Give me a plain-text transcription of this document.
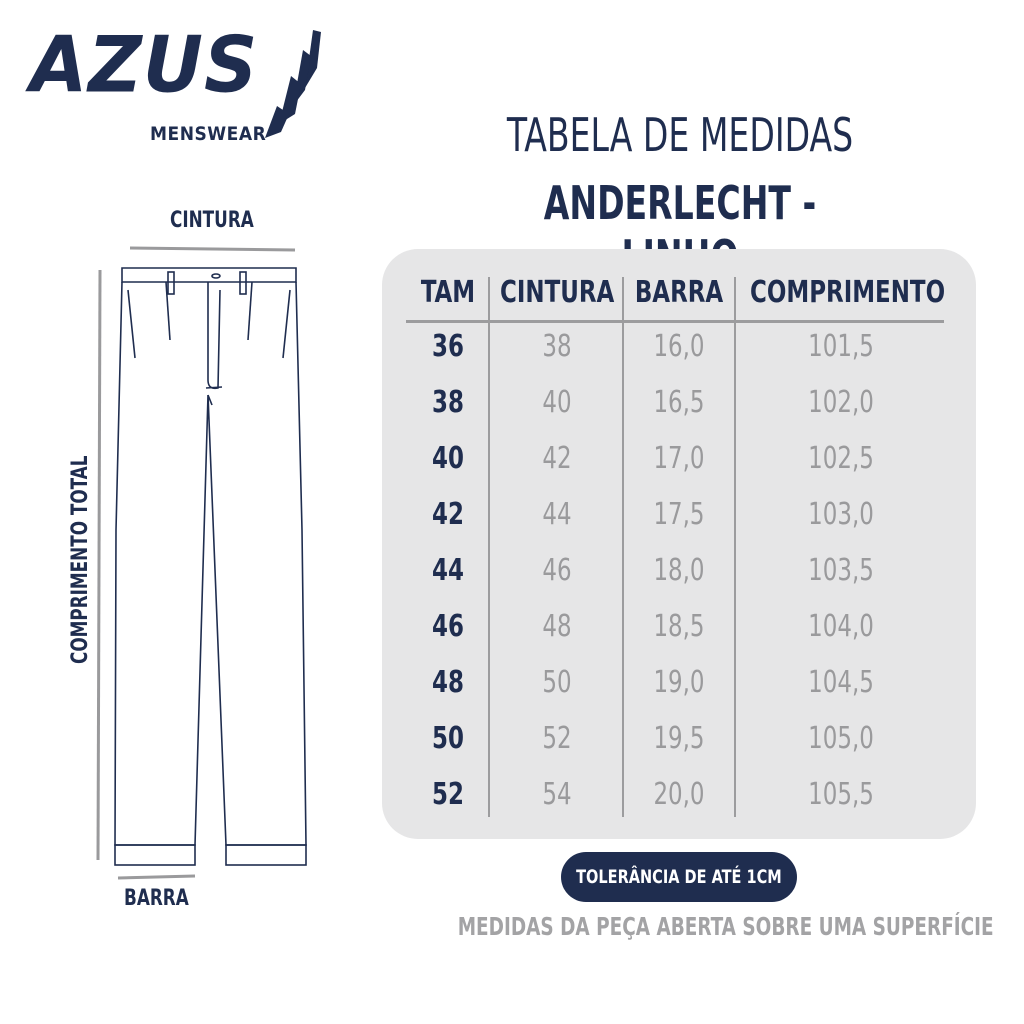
AZUS
MENSWEAR	TABELA DE MEDIDAS
ANDERLECHT -
CINTURA
COMPRIMENTO TOTAL
BARRA
TAM CINTURA BARRA COMPRIMENTO
36	38	16,0	101,5
38	40	16,5	102,0
40	42	17,0	102,5
42	44	17,5	103,0
44	46	18,0	103,5
46	48	18,5	104,0
48	50	19,0	104,5
50	52	19,5	105,0
52	54	20,0	105,5
TOLERÂNCIA DE ATÉ 1CM
MEDIDAS DA PEÇA ABERTA SOBRE UMA SUPERFÍCIE
